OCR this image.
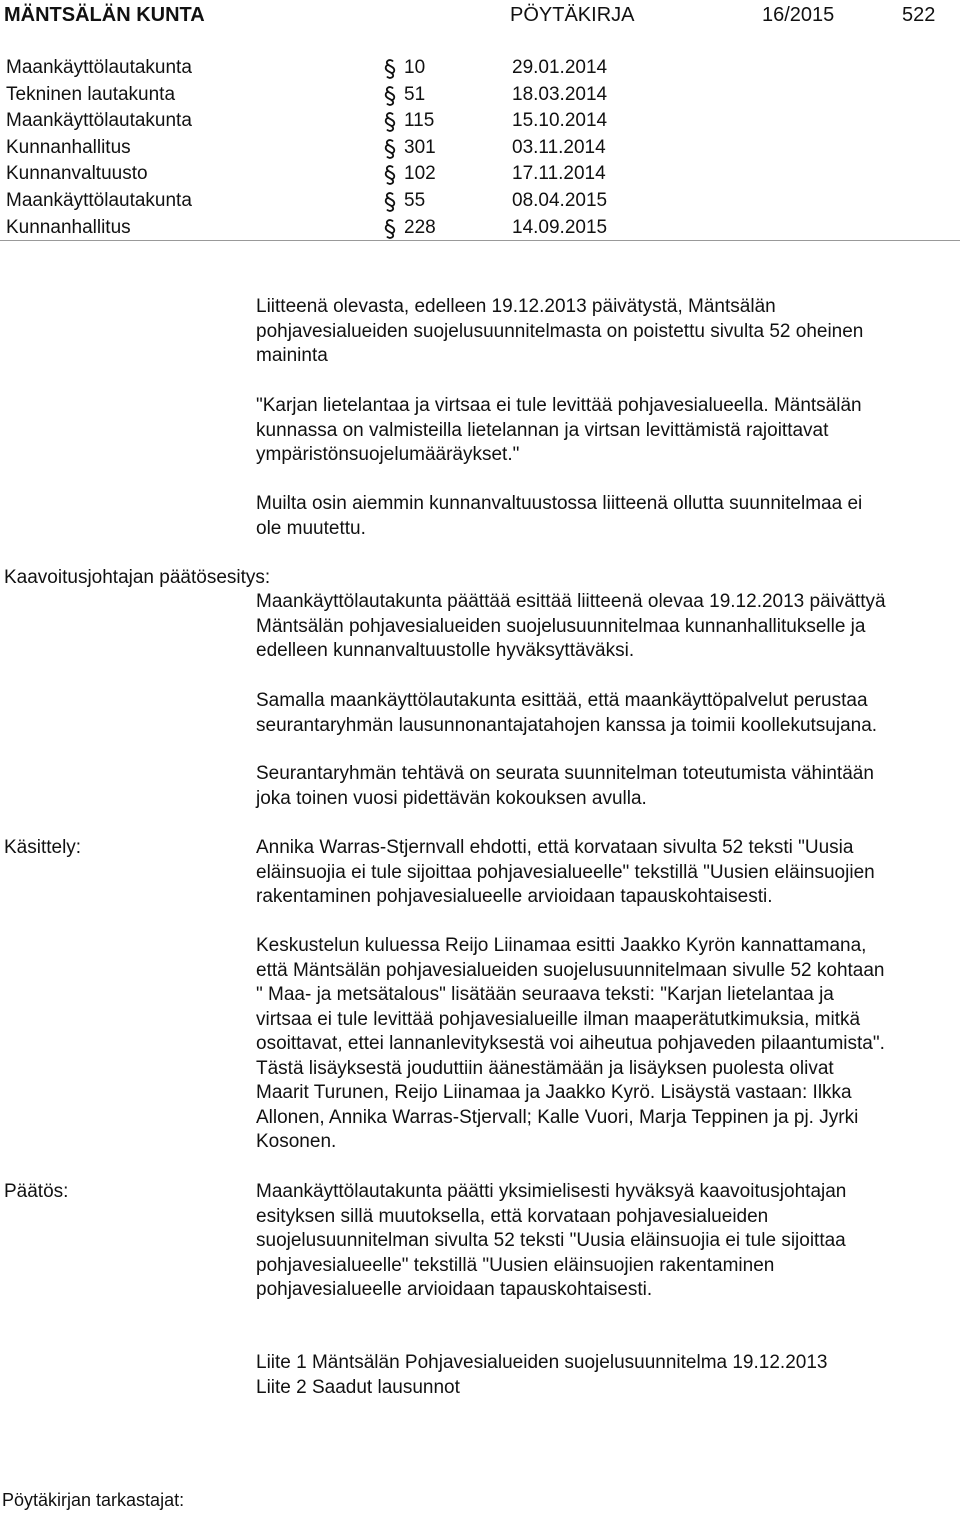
MÄNTSÄLÄN KUNTA	PÖYTÄKIRJA	16/2015	522
Maankäyttölautakunta	10	29.01.2014
Tekninen lautakunta	51	18.03.2014
Maankäyttölautakunta	115	15.10.2014
Kunnanhallitus	301	03.11.2014
Kunnanvaltuusto	102	17.11.2014
Maankäyttölautakunta	55	08.04.2015
Kunnanhallitus	228	14.09.2015
Liitteenä olevasta, edelleen 19.12.2013 päivätystä, Mäntsälän
pohjavesialueiden suojelusuunnitelmasta on poistettu sivulta 52 oheinen
maininta
"Karjan lietelantaa ja virtsaa ei tule levittää pohjavesialueella. Mäntsälän
kunnassa on valmisteilla lietelannan ja virtsan levittämistä rajoittavat
ympäristönsuojelumääräykset."
Muilta osin aiemmin kunnanvaltuustossa liitteenä ollutta suunnitelmaa ei
ole muutettu.
Kaavoitusjohtajan päätösesitys:
Maankäyttölautakunta päättää esittää liitteenä olevaa 19.12.2013 päivättyä
Mäntsälän pohjavesialueiden suojelusuunnitelmaa kunnanhallitukselle ja
edelleen kunnanvaltuustolle hyväksyttäväksi.
Samalla maankäyttölautakunta esittää, että maankäyttöpalvelut perustaa
seurantaryhmän lausunnonantajatahojen kanssa ja toimii koollekutsujana.
Seurantaryhmän tehtävä on seurata suunnitelman toteutumista vähintään
joka toinen vuosi pidettävän kokouksen avulla.
Käsittely:	Annika Warras-Stjernvall ehdotti, että korvataan sivulta 52 teksti "Uusia
eläinsuojia ei tule sijoittaa pohjavesialueelle" tekstillä "Uusien eläinsuojien
rakentaminen pohjavesialueelle arvioidaan tapauskohtaisesti.
Keskustelun kuluessa Reijo Liinamaa esitti Jaakko Kyrön kannattamana,
että Mäntsälän pohjavesialueiden suojelusuunnitelmaan sivulle 52 kohtaan
" Maa- ja metsätalous" lisätään seuraava teksti: "Karjan lietelantaa ja
virtsaa ei tule levittää pohjavesialueille ilman maaperätutkimuksia, mitkä
osoittavat, ettei lannanlevityksestä voi aiheutua pohjaveden pilaantumista".
Tästä lisäyksestä jouduttiin äänestämään ja lisäyksen puolesta olivat
Maarit Turunen, Reijo Liinamaa ja Jaakko Kyrö. Lisäystä vastaan: Ilkka
Allonen, Annika Warras-Stjervall; Kalle Vuori, Marja Teppinen ja pj. Jyrki
Kosonen.
Päätös:	Maankäyttölautakunta päätti yksimielisesti hyväksyä kaavoitusjohtajan
esityksen sillä muutoksella, että korvataan pohjavesialueiden
suojelusuunnitelman sivulta 52 teksti "Uusia eläinsuojia ei tule sijoittaa
pohjavesialueelle" tekstillä "Uusien eläinsuojien rakentaminen
pohjavesialueelle arvioidaan tapauskohtaisesti.
Liite 1 Mäntsälän Pohjavesialueiden suojelusuunnitelma 19.12.2013
Liite 2 Saadut lausunnot
Pöytäkirjan tarkastajat:
